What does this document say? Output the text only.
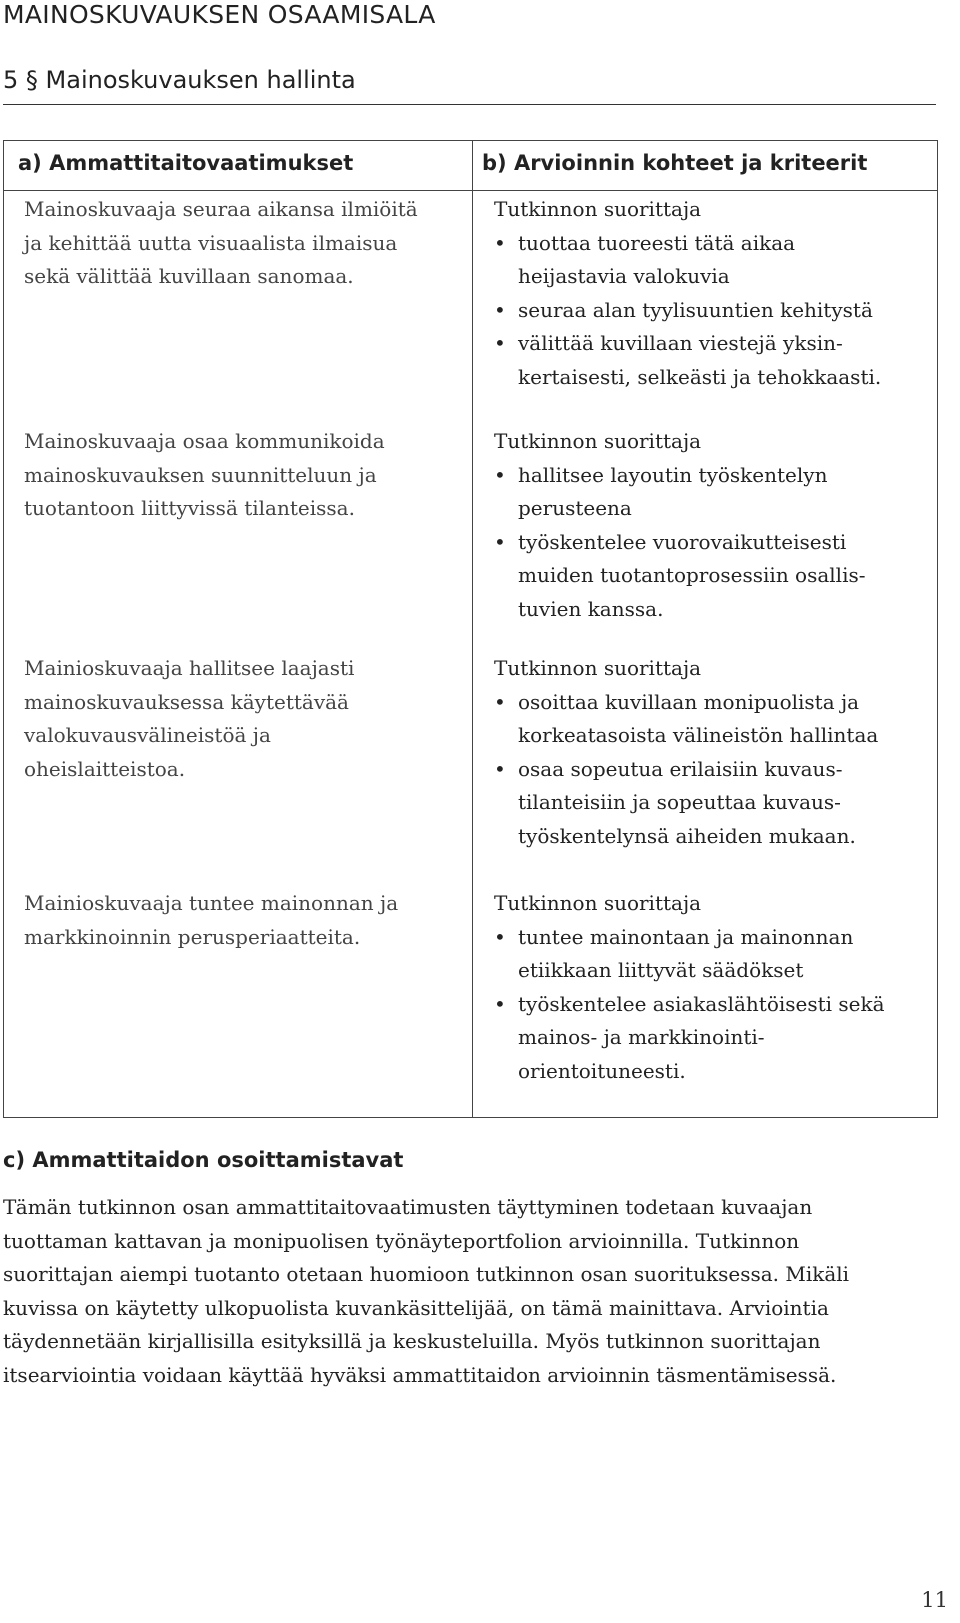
MAINOSKUVAUKSEN OSAAMISALA
5 § Mainoskuvauksen hallinta
a) Ammattitaitovaatimukset	b) Arvioinnin kohteet ja kriteerit
Mainoskuvaaja seuraa aikansa ilmiöitä
ja kehittää uutta visuaalista ilmaisua
sekä välittää kuvillaan sanomaa.
Tutkinnon suorittaja
• tuottaa tuoreesti tätä aikaa
heijastavia valokuvia
• seuraa alan tyylisuuntien kehitystä
• välittää kuvillaan viestejä yksin-
kertaisesti, selkeästi ja tehokkaasti.
Mainoskuvaaja osaa kommunikoida
mainoskuvauksen suunnitteluun ja
tuotantoon liittyvissä tilanteissa.
Tutkinnon suorittaja
• hallitsee layoutin työskentelyn
perusteena
• työskentelee vuorovaikutteisesti
muiden tuotantoprosessiin osallis-
tuvien kanssa.
Mainioskuvaaja hallitsee laajasti
mainoskuvauksessa käytettävää
valokuvausvälineistöä ja
oheislaitteistoa.
Tutkinnon suorittaja
• osoittaa kuvillaan monipuolista ja
korkeatasoista välineistön hallintaa
• osaa sopeutua erilaisiin kuvaus-
tilanteisiin ja sopeuttaa kuvaus-
työskentelynsä aiheiden mukaan.
Mainioskuvaaja tuntee mainonnan ja
markkinoinnin perusperiaatteita.
Tutkinnon suorittaja
• tuntee mainontaan ja mainonnan
etiikkaan liittyvät säädökset
• työskentelee asiakaslähtöisesti sekä
mainos- ja markkinointi-
orientoituneesti.
c) Ammattitaidon osoittamistavat
Tämän tutkinnon osan ammattitaitovaatimusten täyttyminen todetaan kuvaajan
tuottaman kattavan ja monipuolisen työnäyteportfolion arvioinnilla. Tutkinnon
suorittajan aiempi tuotanto otetaan huomioon tutkinnon osan suorituksessa. Mikäli
kuvissa on käytetty ulkopuolista kuvankäsittelijää, on tämä mainittava. Arviointia
täydennetään kirjallisilla esityksillä ja keskusteluilla. Myös tutkinnon suorittajan
itsearviointia voidaan käyttää hyväksi ammattitaidon arvioinnin täsmentämisessä.
11
